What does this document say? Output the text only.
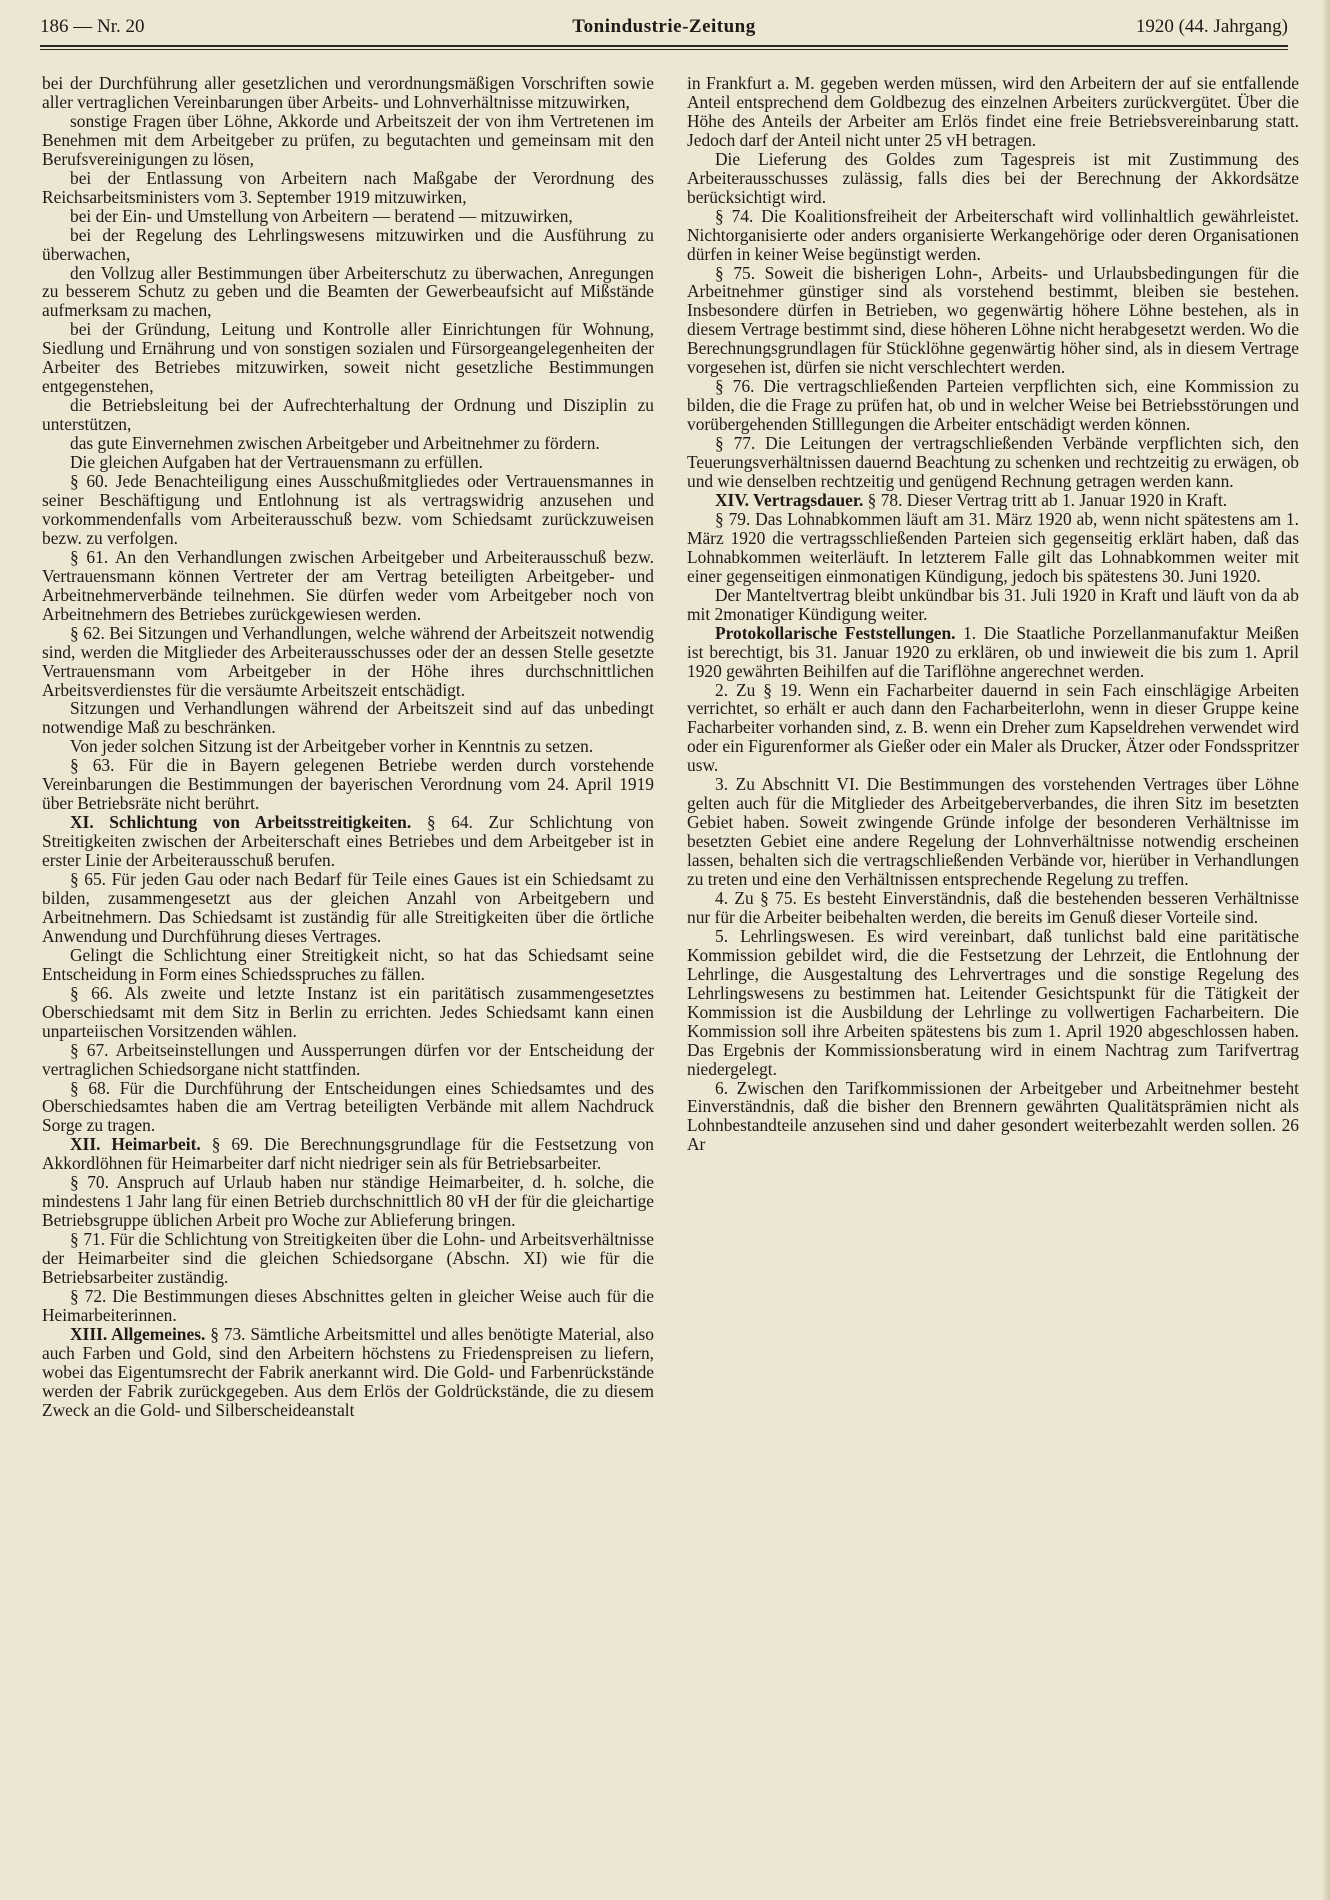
186 — Nr. 20	Tonindustrie-Zeitung	1920 (44. Jahrgang)

bei der Durchführung aller gesetzlichen und verordnungsmäßigen Vorschriften sowie aller vertraglichen Vereinbarungen über Arbeits- und Lohnverhältnisse mitzuwirken,

sonstige Fragen über Löhne, Akkorde und Arbeitszeit der von ihm Vertretenen im Benehmen mit dem Arbeitgeber zu prüfen, zu begutachten und gemeinsam mit den Berufsvereinigungen zu lösen,

bei der Entlassung von Arbeitern nach Maßgabe der Verordnung des Reichsarbeitsministers vom 3. September 1919 mitzuwirken,

bei der Ein- und Umstellung von Arbeitern — beratend — mitzuwirken,

bei der Regelung des Lehrlingswesens mitzuwirken und die Ausführung zu überwachen,

den Vollzug aller Bestimmungen über Arbeiterschutz zu überwachen, Anregungen zu besserem Schutz zu geben und die Beamten der Gewerbeaufsicht auf Mißstände aufmerksam zu machen,

bei der Gründung, Leitung und Kontrolle aller Einrichtungen für Wohnung, Siedlung und Ernährung und von sonstigen sozialen und Fürsorgeangelegenheiten der Arbeiter des Betriebes mitzuwirken, soweit nicht gesetzliche Bestimmungen entgegenstehen,

die Betriebsleitung bei der Aufrechterhaltung der Ordnung und Disziplin zu unterstützen,

das gute Einvernehmen zwischen Arbeitgeber und Arbeitnehmer zu fördern.

Die gleichen Aufgaben hat der Vertrauensmann zu erfüllen.

§ 60. Jede Benachteiligung eines Ausschußmitgliedes oder Vertrauensmannes in seiner Beschäftigung und Entlohnung ist als vertragswidrig anzusehen und vorkommendenfalls vom Arbeiterausschuß bezw. vom Schiedsamt zurückzuweisen bezw. zu verfolgen.

§ 61. An den Verhandlungen zwischen Arbeitgeber und Arbeiterausschuß bezw. Vertrauensmann können Vertreter der am Vertrag beteiligten Arbeitgeber- und Arbeitnehmerverbände teilnehmen. Sie dürfen weder vom Arbeitgeber noch von Arbeitnehmern des Betriebes zurückgewiesen werden.

§ 62. Bei Sitzungen und Verhandlungen, welche während der Arbeitszeit notwendig sind, werden die Mitglieder des Arbeiterausschusses oder der an dessen Stelle gesetzte Vertrauensmann vom Arbeitgeber in der Höhe ihres durchschnittlichen Arbeitsverdienstes für die versäumte Arbeitszeit entschädigt.

Sitzungen und Verhandlungen während der Arbeitszeit sind auf das unbedingt notwendige Maß zu beschränken.

Von jeder solchen Sitzung ist der Arbeitgeber vorher in Kenntnis zu setzen.

§ 63. Für die in Bayern gelegenen Betriebe werden durch vorstehende Vereinbarungen die Bestimmungen der bayerischen Verordnung vom 24. April 1919 über Betriebsräte nicht berührt.

XI. Schlichtung von Arbeitsstreitigkeiten. § 64. Zur Schlichtung von Streitigkeiten zwischen der Arbeiterschaft eines Betriebes und dem Arbeitgeber ist in erster Linie der Arbeiterausschuß berufen.

§ 65. Für jeden Gau oder nach Bedarf für Teile eines Gaues ist ein Schiedsamt zu bilden, zusammengesetzt aus der gleichen Anzahl von Arbeitgebern und Arbeitnehmern. Das Schiedsamt ist zuständig für alle Streitigkeiten über die örtliche Anwendung und Durchführung dieses Vertrages.

Gelingt die Schlichtung einer Streitigkeit nicht, so hat das Schiedsamt seine Entscheidung in Form eines Schiedsspruches zu fällen.

§ 66. Als zweite und letzte Instanz ist ein paritätisch zusammengesetztes Oberschiedsamt mit dem Sitz in Berlin zu errichten. Jedes Schiedsamt kann einen unparteiischen Vorsitzenden wählen.

§ 67. Arbeitseinstellungen und Aussperrungen dürfen vor der Entscheidung der vertraglichen Schiedsorgane nicht stattfinden.

§ 68. Für die Durchführung der Entscheidungen eines Schiedsamtes und des Oberschiedsamtes haben die am Vertrag beteiligten Verbände mit allem Nachdruck Sorge zu tragen.

XII. Heimarbeit. § 69. Die Berechnungsgrundlage für die Festsetzung von Akkordlöhnen für Heimarbeiter darf nicht niedriger sein als für Betriebsarbeiter.

§ 70. Anspruch auf Urlaub haben nur ständige Heimarbeiter, d. h. solche, die mindestens 1 Jahr lang für einen Betrieb durchschnittlich 80 vH der für die gleichartige Betriebsgruppe üblichen Arbeit pro Woche zur Ablieferung bringen.

§ 71. Für die Schlichtung von Streitigkeiten über die Lohn- und Arbeitsverhältnisse der Heimarbeiter sind die gleichen Schiedsorgane (Abschn. XI) wie für die Betriebsarbeiter zuständig.

§ 72. Die Bestimmungen dieses Abschnittes gelten in gleicher Weise auch für die Heimarbeiterinnen.

XIII. Allgemeines. § 73. Sämtliche Arbeitsmittel und alles benötigte Material, also auch Farben und Gold, sind den Arbeitern höchstens zu Friedenspreisen zu liefern, wobei das Eigentumsrecht der Fabrik anerkannt wird. Die Gold- und Farbenrückstände werden der Fabrik zurückgegeben. Aus dem Erlös der Goldrückstände, die zu diesem Zweck an die Gold- und Silberscheideanstalt

in Frankfurt a. M. gegeben werden müssen, wird den Arbeitern der auf sie entfallende Anteil entsprechend dem Goldbezug des einzelnen Arbeiters zurückvergütet. Über die Höhe des Anteils der Arbeiter am Erlös findet eine freie Betriebsvereinbarung statt. Jedoch darf der Anteil nicht unter 25 vH betragen.

Die Lieferung des Goldes zum Tagespreis ist mit Zustimmung des Arbeiterausschusses zulässig, falls dies bei der Berechnung der Akkordsätze berücksichtigt wird.

§ 74. Die Koalitionsfreiheit der Arbeiterschaft wird vollinhaltlich gewährleistet. Nichtorganisierte oder anders organisierte Werkangehörige oder deren Organisationen dürfen in keiner Weise begünstigt werden.

§ 75. Soweit die bisherigen Lohn-, Arbeits- und Urlaubsbedingungen für die Arbeitnehmer günstiger sind als vorstehend bestimmt, bleiben sie bestehen. Insbesondere dürfen in Betrieben, wo gegenwärtig höhere Löhne bestehen, als in diesem Vertrage bestimmt sind, diese höheren Löhne nicht herabgesetzt werden. Wo die Berechnungsgrundlagen für Stücklöhne gegenwärtig höher sind, als in diesem Vertrage vorgesehen ist, dürfen sie nicht verschlechtert werden.

§ 76. Die vertragschließenden Parteien verpflichten sich, eine Kommission zu bilden, die die Frage zu prüfen hat, ob und in welcher Weise bei Betriebsstörungen und vorübergehenden Stilllegungen die Arbeiter entschädigt werden können.

§ 77. Die Leitungen der vertragschließenden Verbände verpflichten sich, den Teuerungsverhältnissen dauernd Beachtung zu schenken und rechtzeitig zu erwägen, ob und wie denselben rechtzeitig und genügend Rechnung getragen werden kann.

XIV. Vertragsdauer. § 78. Dieser Vertrag tritt ab 1. Januar 1920 in Kraft.

§ 79. Das Lohnabkommen läuft am 31. März 1920 ab, wenn nicht spätestens am 1. März 1920 die vertragsschließenden Parteien sich gegenseitig erklärt haben, daß das Lohnabkommen weiterläuft. In letzterem Falle gilt das Lohnabkommen weiter mit einer gegenseitigen einmonatigen Kündigung, jedoch bis spätestens 30. Juni 1920.

Der Manteltvertrag bleibt unkündbar bis 31. Juli 1920 in Kraft und läuft von da ab mit 2monatiger Kündigung weiter.

Protokollarische Feststellungen. 1. Die Staatliche Porzellanmanufaktur Meißen ist berechtigt, bis 31. Januar 1920 zu erklären, ob und inwieweit die bis zum 1. April 1920 gewährten Beihilfen auf die Tariflöhne angerechnet werden.

2. Zu § 19. Wenn ein Facharbeiter dauernd in sein Fach einschlägige Arbeiten verrichtet, so erhält er auch dann den Facharbeiterlohn, wenn in dieser Gruppe keine Facharbeiter vorhanden sind, z. B. wenn ein Dreher zum Kapseldrehen verwendet wird oder ein Figurenformer als Gießer oder ein Maler als Drucker, Ätzer oder Fondsspritzer usw.

3. Zu Abschnitt VI. Die Bestimmungen des vorstehenden Vertrages über Löhne gelten auch für die Mitglieder des Arbeitgeberverbandes, die ihren Sitz im besetzten Gebiet haben. Soweit zwingende Gründe infolge der besonderen Verhältnisse im besetzten Gebiet eine andere Regelung der Lohnverhältnisse notwendig erscheinen lassen, behalten sich die vertragschließenden Verbände vor, hierüber in Verhandlungen zu treten und eine den Verhältnissen entsprechende Regelung zu treffen.

4. Zu § 75. Es besteht Einverständnis, daß die bestehenden besseren Verhältnisse nur für die Arbeiter beibehalten werden, die bereits im Genuß dieser Vorteile sind.

5. Lehrlingswesen. Es wird vereinbart, daß tunlichst bald eine paritätische Kommission gebildet wird, die die Festsetzung der Lehrzeit, die Entlohnung der Lehrlinge, die Ausgestaltung des Lehrvertrages und die sonstige Regelung des Lehrlingswesens zu bestimmen hat. Leitender Gesichtspunkt für die Tätigkeit der Kommission ist die Ausbildung der Lehrlinge zu vollwertigen Facharbeitern. Die Kommission soll ihre Arbeiten spätestens bis zum 1. April 1920 abgeschlossen haben. Das Ergebnis der Kommissionsberatung wird in einem Nachtrag zum Tarifvertrag niedergelegt.

6. Zwischen den Tarifkommissionen der Arbeitgeber und Arbeitnehmer besteht Einverständnis, daß die bisher den Brennern gewährten Qualitätsprämien nicht als Lohnbestandteile anzusehen sind und daher gesondert weiterbezahlt werden sollen. 26 Ar
